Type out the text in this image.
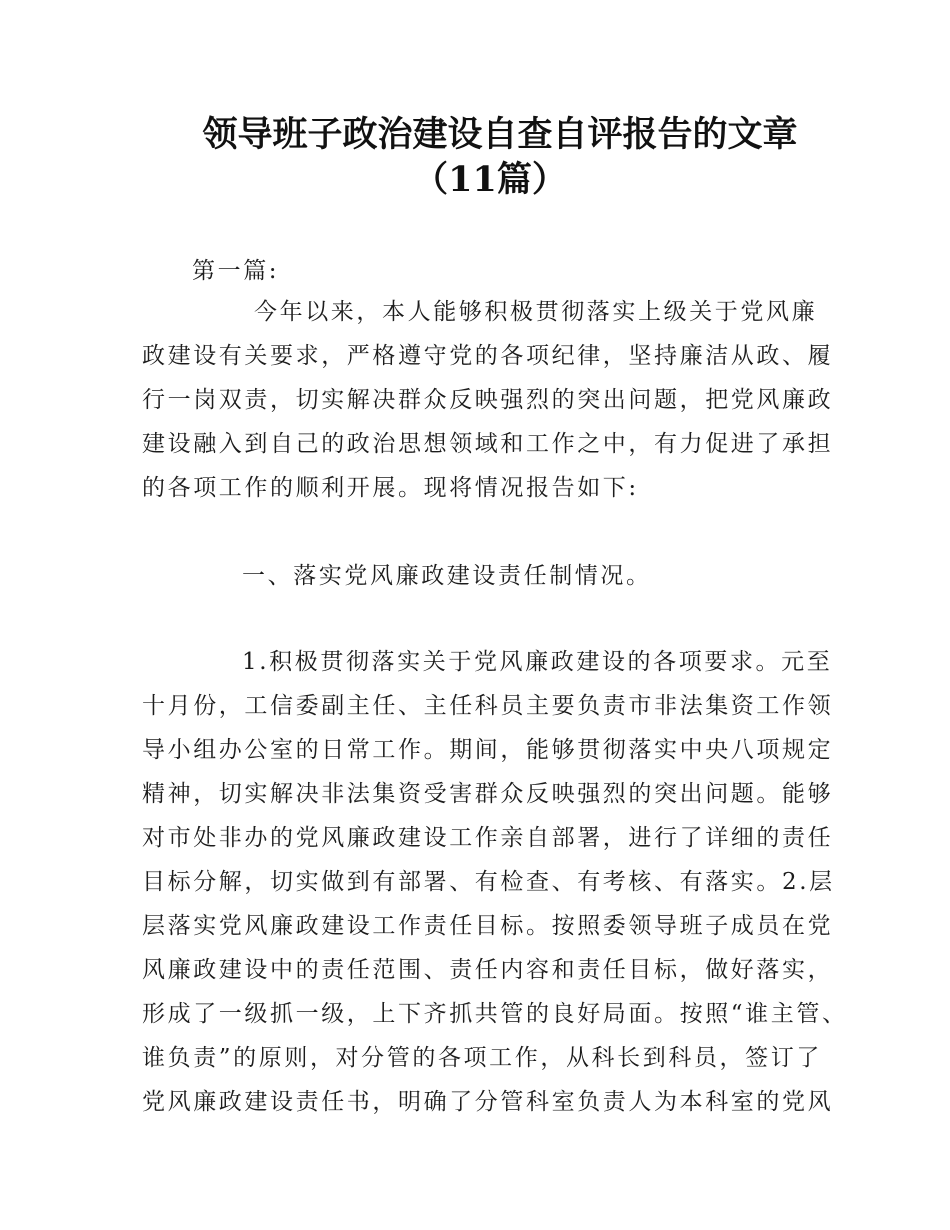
领导班子政治建设自查自评报告的文章
（11篇）
第一篇:
今年以来，本人能够积极贯彻落实上级关于党风廉
政建设有关要求，严格遵守党的各项纪律，坚持廉洁从政、履
行一岗双责，切实解决群众反映强烈的突出问题，把党风廉政
建设融入到自己的政治思想领域和工作之中，有力促进了承担
的各项工作的顺利开展。现将情况报告如下:
一、落实党风廉政建设责任制情况。
1.积极贯彻落实关于党风廉政建设的各项要求。元至
十月份，工信委副主任、主任科员主要负责市非法集资工作领
导小组办公室的日常工作。期间，能够贯彻落实中央八项规定
精神，切实解决非法集资受害群众反映强烈的突出问题。能够
对市处非办的党风廉政建设工作亲自部署，进行了详细的责任
目标分解，切实做到有部署、有检查、有考核、有落实。2.层
层落实党风廉政建设工作责任目标。按照委领导班子成员在党
风廉政建设中的责任范围、责任内容和责任目标，做好落实，
形成了一级抓一级，上下齐抓共管的良好局面。按照“谁主管、
谁负责”的原则，对分管的各项工作，从科长到科员，签订了
党风廉政建设责任书，明确了分管科室负责人为本科室的党风
